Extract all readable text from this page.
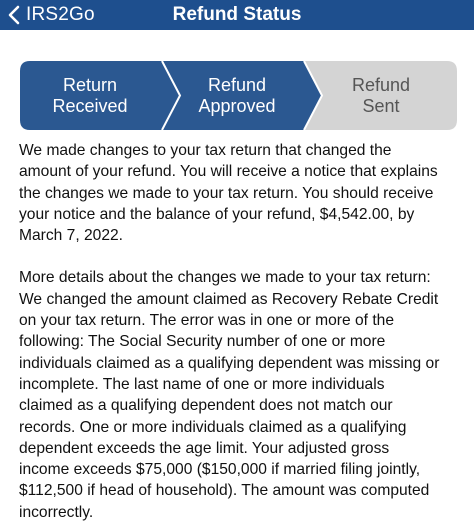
IRS2Go	Refund Status
Return
Received
Refund
Approved
Refund
Sent

We made changes to your tax return that changed the
amount of your refund. You will receive a notice that explains
the changes we made to your tax return. You should receive
your notice and the balance of your refund, $4,542.00, by
March 7, 2022.

More details about the changes we made to your tax return:
We changed the amount claimed as Recovery Rebate Credit
on your tax return. The error was in one or more of the
following: The Social Security number of one or more
individuals claimed as a qualifying dependent was missing or
incomplete. The last name of one or more individuals
claimed as a qualifying dependent does not match our
records. One or more individuals claimed as a qualifying
dependent exceeds the age limit. Your adjusted gross
income exceeds $75,000 ($150,000 if married filing jointly,
$112,500 if head of household). The amount was computed
incorrectly.
